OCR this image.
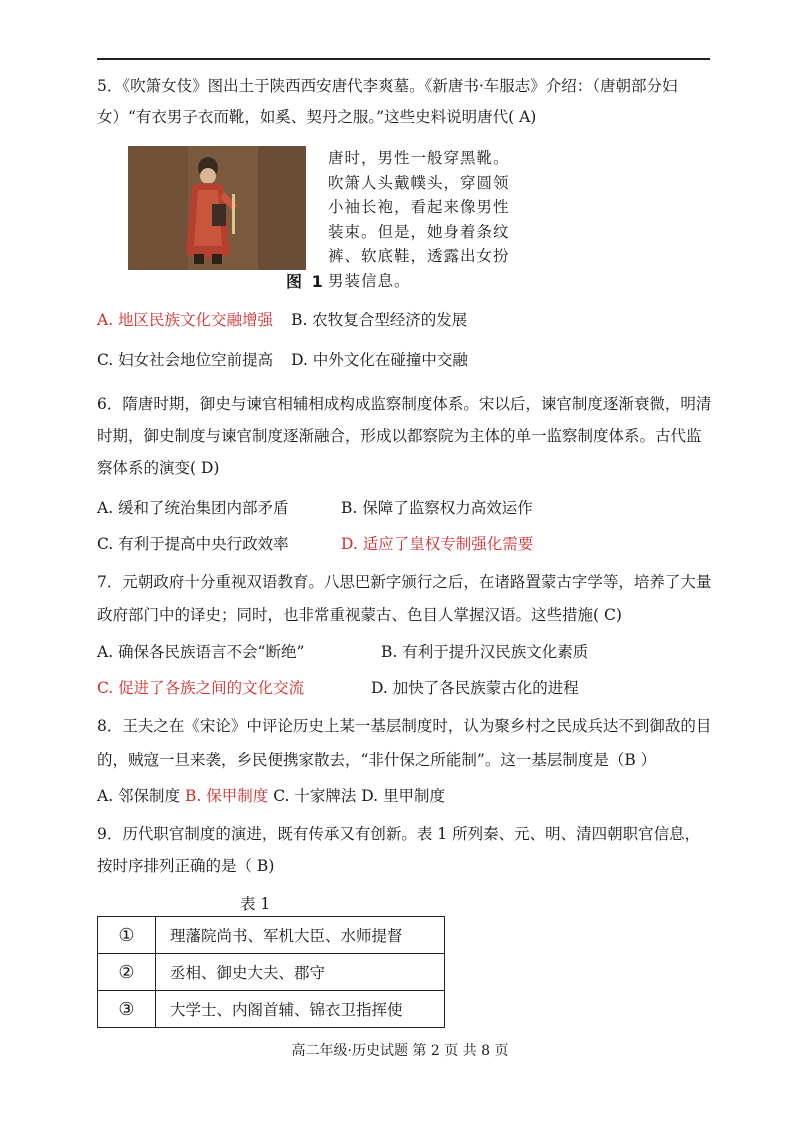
5．《吹箫女伎》图出土于陕西西安唐代李爽墓。《新唐书·车服志》介绍：（唐朝部分妇
女）“有衣男子衣而靴，如奚、契丹之服。”这些史料说明唐代( A)
唐时，男性一般穿黑靴。吹箫人头戴幞头，穿圆领小袖长袍，看起来像男性装束。但是，她身着条纹裤、软底鞋，透露出女扮男装信息。
图 1
A. 地区民族文化交融增强 B. 农牧复合型经济的发展
C. 妇女社会地位空前提高 D. 中外文化在碰撞中交融
6．隋唐时期，御史与谏官相辅相成构成监察制度体系。宋以后，谏官制度逐渐衰微，明清
时期，御史制度与谏官制度逐渐融合，形成以都察院为主体的单一监察制度体系。古代监
察体系的演变( D)
A. 缓和了统治集团内部矛盾	B. 保障了监察权力高效运作
C. 有利于提高中央行政效率	D. 适应了皇权专制强化需要
7．元朝政府十分重视双语教育。八思巴新字颁行之后，在诸路置蒙古字学等，培养了大量
政府部门中的译史；同时，也非常重视蒙古、色目人掌握汉语。这些措施( C)
A. 确保各民族语言不会“断绝”	B. 有利于提升汉民族文化素质
C. 促进了各族之间的文化交流	D. 加快了各民族蒙古化的进程
8．王夫之在《宋论》中评论历史上某一基层制度时，认为聚乡村之民成兵达不到御敌的目
的，贼寇一旦来袭，乡民便携家散去，“非什保之所能制”。这一基层制度是（B ）
A. 邻保制度 B. 保甲制度 C. 十家牌法 D. 里甲制度
9．历代职官制度的演进，既有传承又有创新。表 1 所列秦、元、明、清四朝职官信息，
按时序排列正确的是（ B)
表 1
①	理藩院尚书、军机大臣、水师提督
②	丞相、御史大夫、郡守
③	大学士、内阁首辅、锦衣卫指挥使
高二年级·历史试题 第 2 页 共 8 页
